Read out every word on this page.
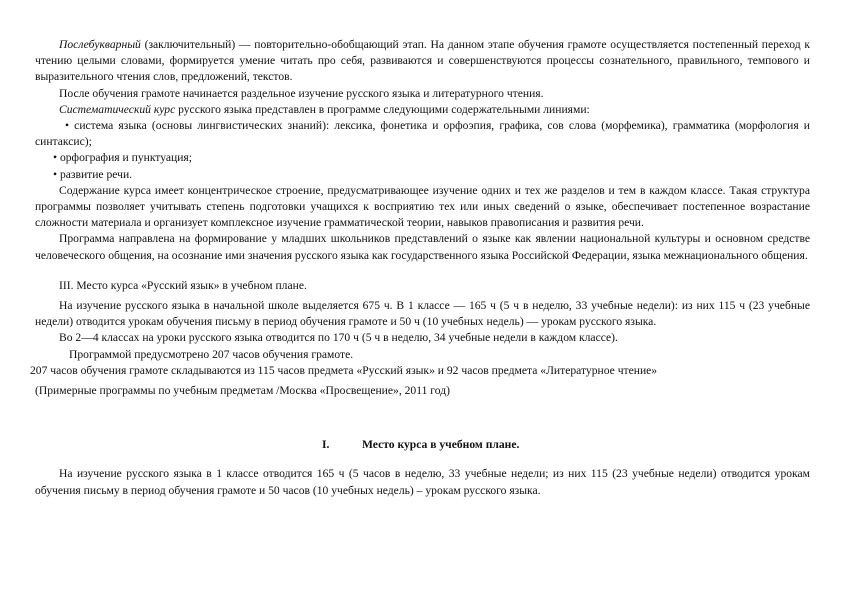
Послебукварный (заключительный) — повторительно-обобщающий этап. На данном этапе обучения грамоте осуществляется постепенный переход к чтению целыми словами, формируется умение читать про себя, развиваются и совершенствуются процессы сознательного, правильного, темпового и выразительного чтения слов, предложений, текстов.

После обучения грамоте начинается раздельное изучение русского языка и литературного чтения.

Систематический курс русского языка представлен в программе следующими содержательными линиями:

• система языка (основы лингвистических знаний): лексика, фонетика и орфоэпия, графика, сов слова (морфемика), грамматика (морфология и синтаксис);

• орфография и пунктуация;

• развитие речи.

Содержание курса имеет концентрическое строение, предусматривающее изучение одних и тех же разделов и тем в каждом классе. Такая структура программы позволяет учитывать степень подготовки учащихся к восприятию тех или иных сведений о языке, обеспечивает постепенное возрастание сложности материала и организует комплексное изучение грамматической теории, навыков правописания и развития речи.

Программа направлена на формирование у младших школьников представлений о языке как явлении национальной культуры и основном средстве человеческого общения, на осознание ими значения русского языка как государственного языка Российской Федерации, языка межнационального общения.

III. Место курса «Русский язык» в учебном плане.

На изучение русского языка в начальной школе выделяется 675 ч. В 1 классе — 165 ч (5 ч в неделю, 33 учебные недели): из них 115 ч (23 учебные недели) отводится урокам обучения письму в период обучения грамоте и 50 ч (10 учебных недель) — урокам русского языка.

Во 2—4 классах на уроки русского языка отводится по 170 ч (5 ч в неделю, 34 учебные недели в каждом классе).

Программой предусмотрено 207 часов обучения грамоте.

207 часов обучения грамоте складываются из 115 часов предмета «Русский язык» и 92 часов предмета «Литературное чтение»

(Примерные программы по учебным предметам /Москва «Просвещение», 2011 год)

I.	Место курса в учебном плане.

На изучение русского языка в 1 классе отводится 165 ч (5 часов в неделю, 33 учебные недели; из них 115 (23 учебные недели) отводится урокам обучения письму в период обучения грамоте и 50 часов (10 учебных недель) – урокам русского языка.
